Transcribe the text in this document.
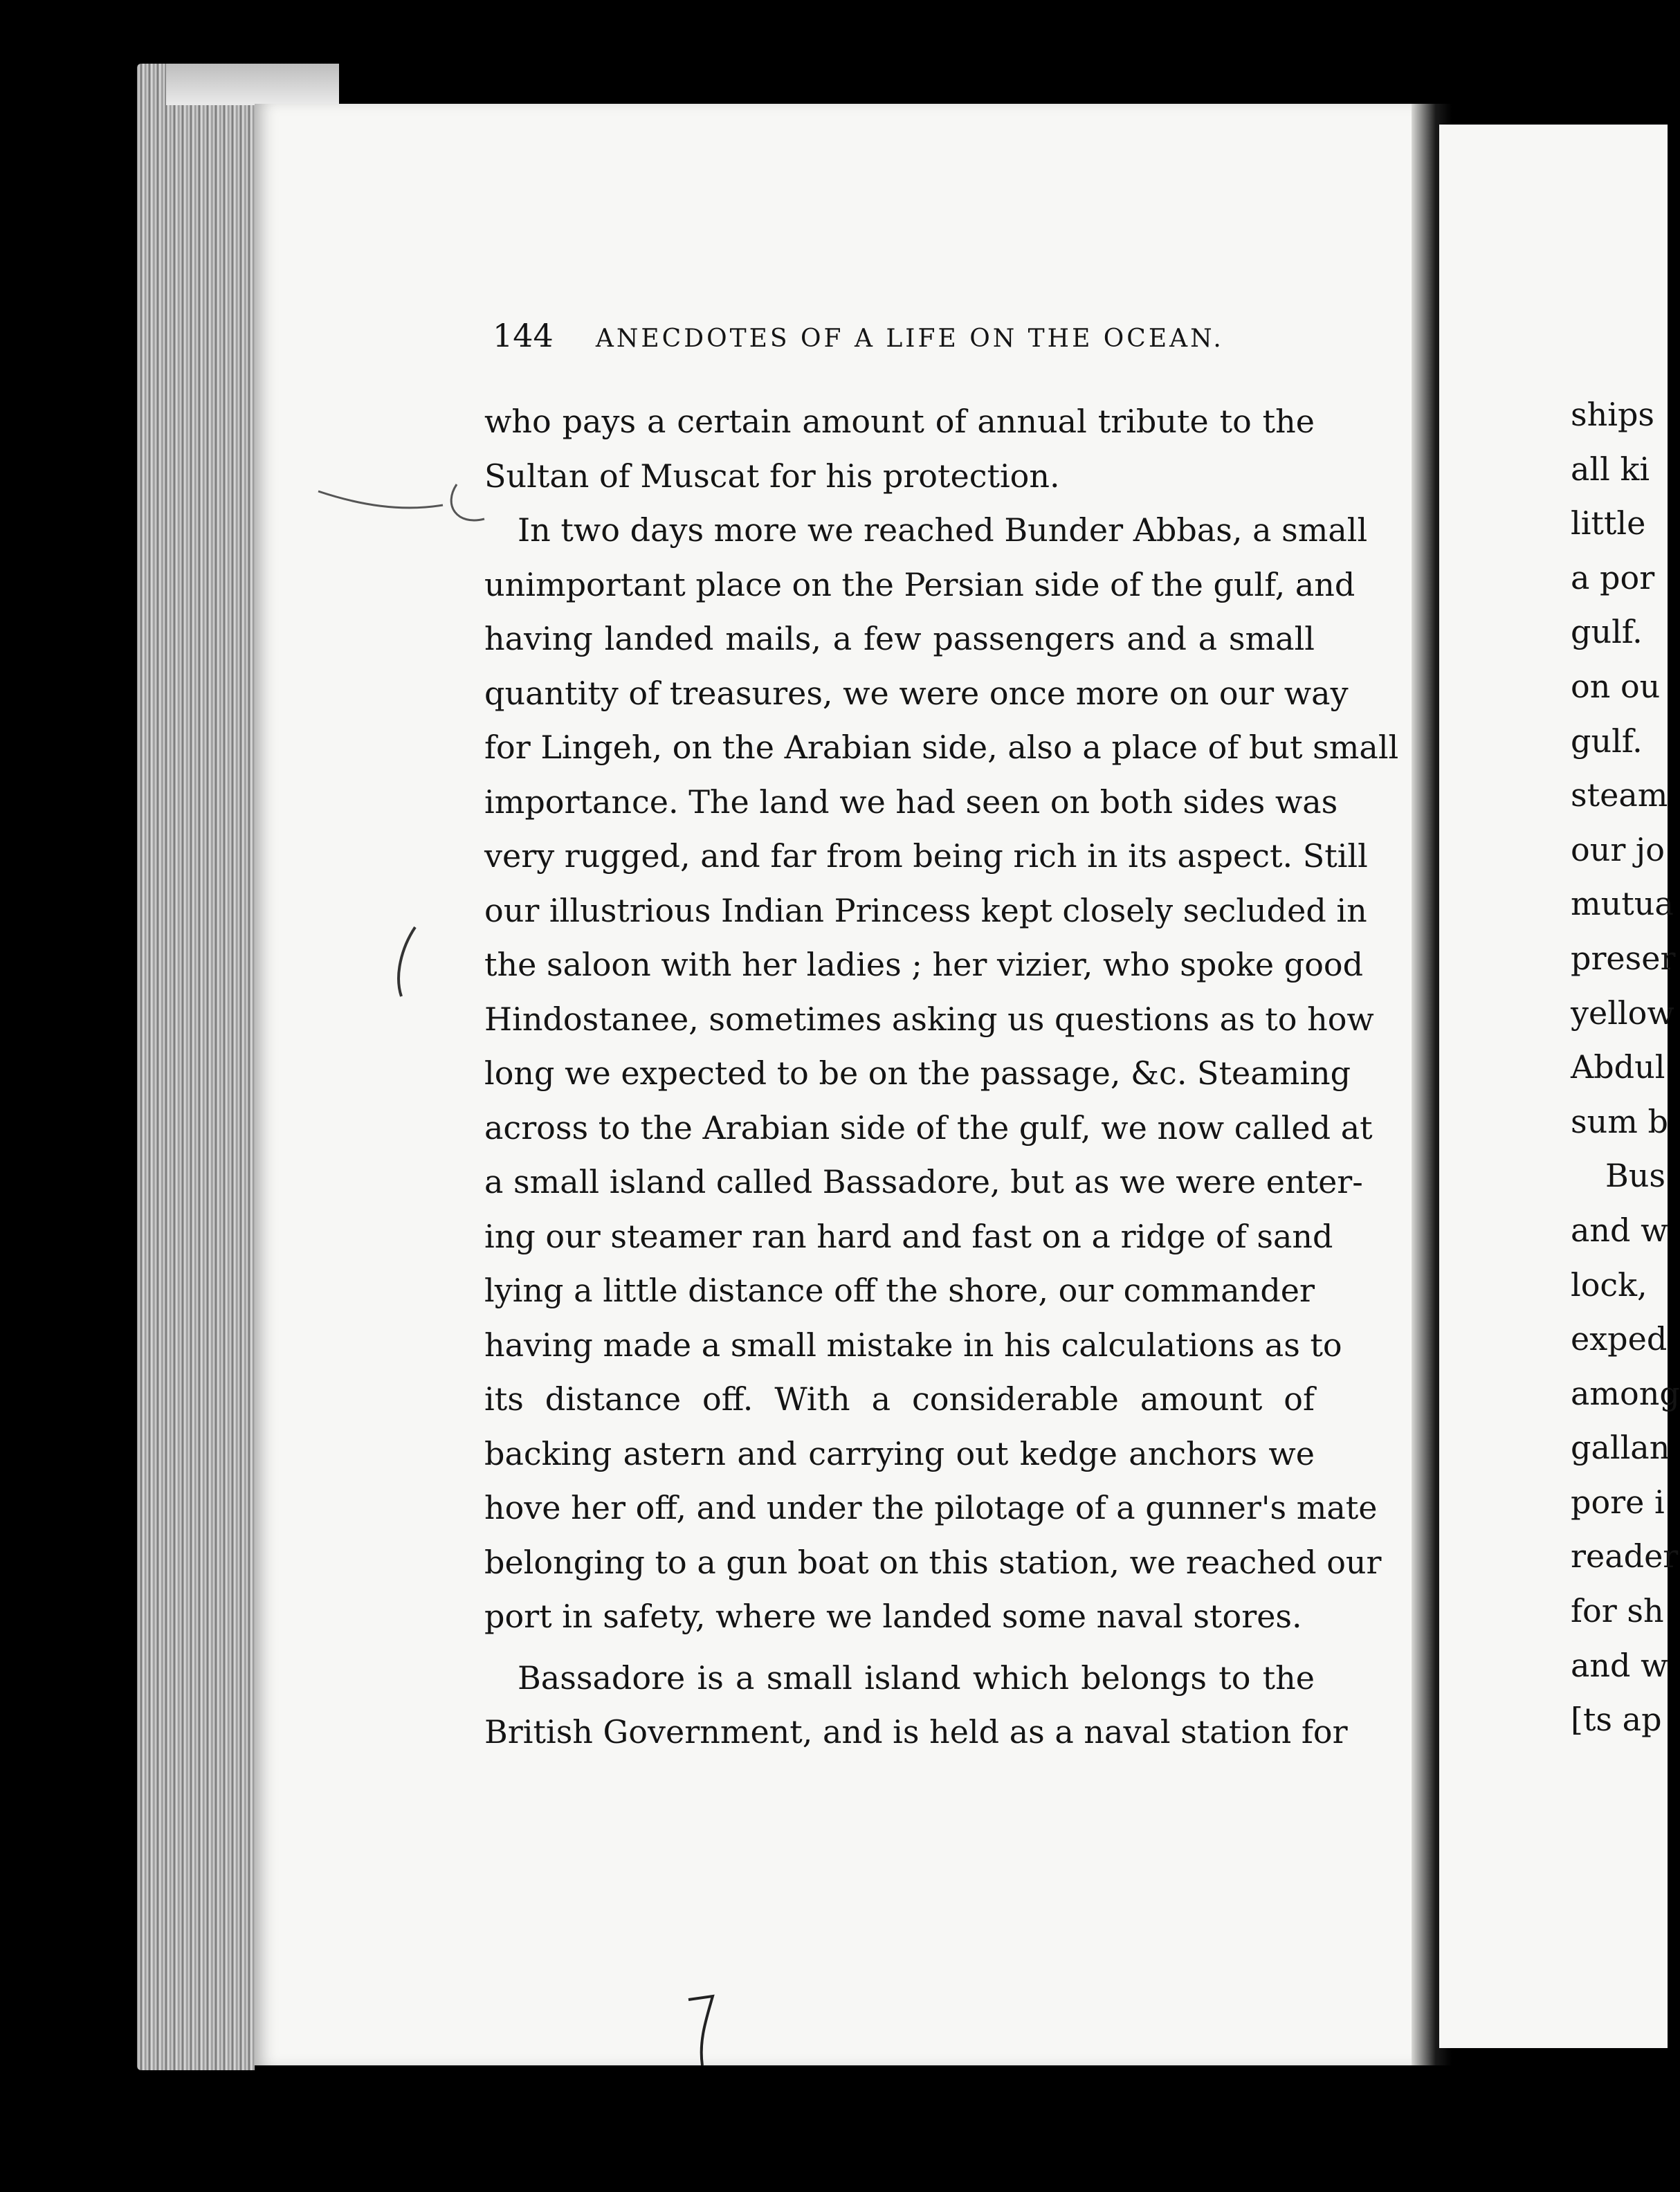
144 ANECDOTES OF A LIFE ON THE OCEAN.
who pays a certain amount of annual tribute to the
Sultan of Muscat for his protection.
In two days more we reached Bunder Abbas, a small
unimportant place on the Persian side of the gulf, and
having landed mails, a few passengers and a small
quantity of treasures, we were once more on our way
for Lingeh, on the Arabian side, also a place of but small
importance. The land we had seen on both sides was
very rugged, and far from being rich in its aspect. Still
our illustrious Indian Princess kept closely secluded in
the saloon with her ladies ; her vizier, who spoke good
Hindostanee, sometimes asking us questions as to how
long we expected to be on the passage, &c. Steaming
across to the Arabian side of the gulf, we now called at
a small island called Bassadore, but as we were enter-
ing our steamer ran hard and fast on a ridge of sand
lying a little distance off the shore, our commander
having made a small mistake in his calculations as to
its distance off. With a considerable amount of
backing astern and carrying out kedge anchors we
hove her off, and under the pilotage of a gunner's mate
belonging to a gun boat on this station, we reached our
port in safety, where we landed some naval stores.
Bassadore is a small island which belongs to the
British Government, and is held as a naval station for
ships
all ki
little
a por
gulf.
on ou
gulf.
steam
our jo
mutua
preser
yellow
Abdul
sum b
Bus
and w
lock,
exped
among
gallan
pore i
reader
for sh
and w
[ts ap
